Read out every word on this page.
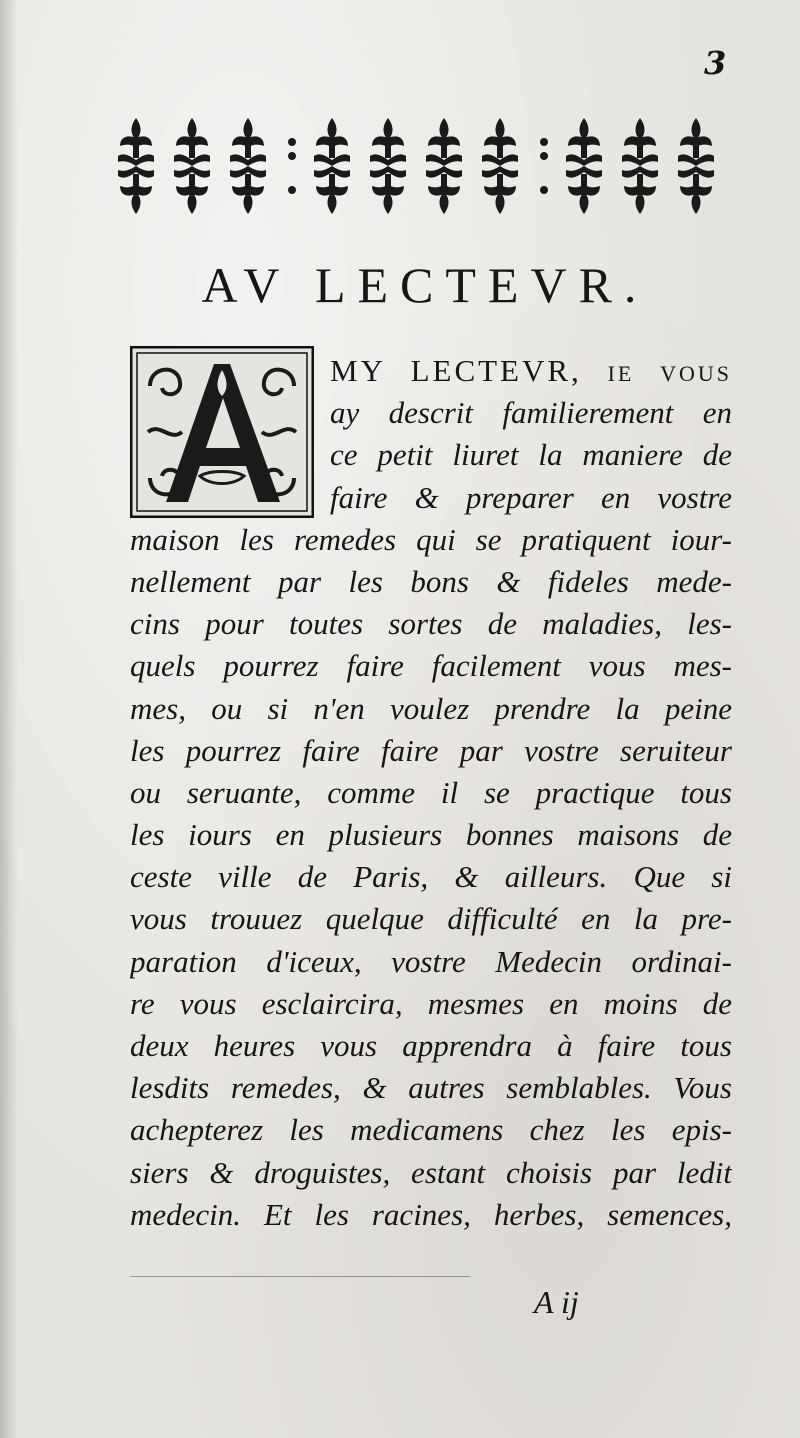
3
AV LECTEVR.
MY LECTEVR, ie vous
ay descrit familierement en
ce petit liuret la maniere de
faire & preparer en vostre
maison les remedes qui se pratiquent iour-
nellement par les bons & fideles mede-
cins pour toutes sortes de maladies, les-
quels pourrez faire facilement vous mes-
mes, ou si n'en voulez prendre la peine
les pourrez faire faire par vostre seruiteur
ou seruante, comme il se practique tous
les iours en plusieurs bonnes maisons de
ceste ville de Paris, & ailleurs. Que si
vous trouuez quelque difficulté en la pre-
paration d'iceux, vostre Medecin ordinai-
re vous esclaircira, mesmes en moins de
deux heures vous apprendra à faire tous
lesdits remedes, & autres semblables. Vous
achepterez les medicamens chez les epis-
siers & droguistes, estant choisis par ledit
medecin. Et les racines, herbes, semences,
A ij
